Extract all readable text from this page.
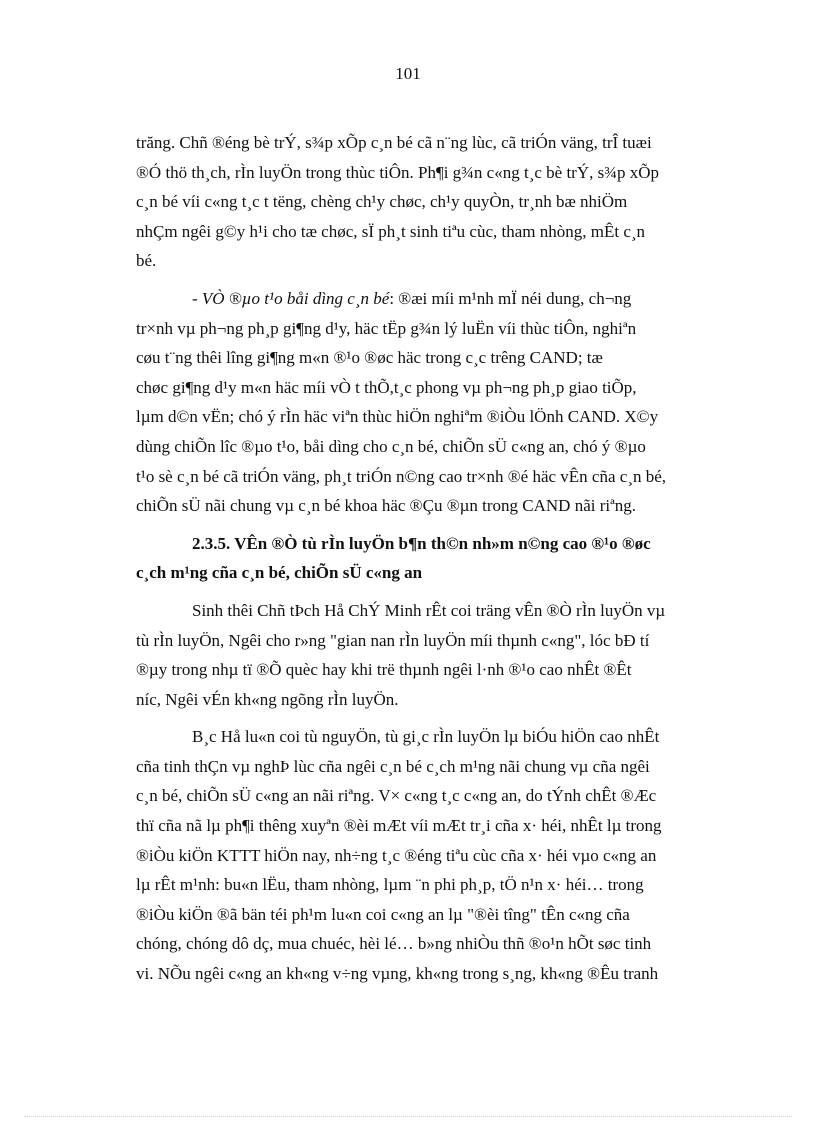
101

trăng. Chñ ®éng bè trÝ, s¾p xÕp c¸n bé cã n¨ng lùc, cã triÓn väng, trÎ tuæi
®Ó thö th¸ch, rÌn luyÖn trong thùc tiÔn. Ph¶i g¾n c«ng t¸c bè trÝ, s¾p xÕp
c¸n bé víi c«ng t¸c t tëng, chèng ch¹y chøc, ch¹y quyÒn, tr¸nh bæ nhiÖm
nhÇm ngêi g©y h¹i cho tæ chøc, sÏ ph¸t sinh tiªu cùc, tham nhòng, mÊt c¸n
bé.

- VÒ ®µo t¹o båi dìng c¸n bé: ®æi míi m¹nh mÏ néi dung, ch¬ng
tr×nh vµ ph¬ng ph¸p gi¶ng d¹y, häc tËp g¾n lý luËn víi thùc tiÔn, nghiªn
cøu t¨ng thêi lîng gi¶ng m«n ®¹o ®øc häc trong c¸c trêng CAND; tæ
chøc gi¶ng d¹y m«n häc míi vÒ t thÕ,t¸c phong vµ ph¬ng ph¸p giao tiÕp,
lµm d©n vËn; chó ý rÌn häc viªn thùc hiÖn nghiªm ®iÒu lÖnh CAND. X©y
dùng chiÕn lîc ®µo t¹o, båi dìng cho c¸n bé, chiÕn sÜ c«ng an, chó ý ®µo
t¹o sè c¸n bé cã triÓn väng, ph¸t triÓn n©ng cao tr×nh ®é häc vÊn cña c¸n bé,
chiÕn sÜ nãi chung vµ c¸n bé khoa häc ®Çu ®µn trong CAND nãi riªng.

2.3.5. VÊn ®Ò tù rÌn luyÖn b¶n th©n nh»m n©ng cao ®¹o ®øc
c¸ch m¹ng cña c¸n bé, chiÕn sÜ c«ng an

Sinh thêi Chñ tÞch Hå ChÝ Minh rÊt coi träng vÊn ®Ò rÌn luyÖn vµ
tù rÌn luyÖn, Ngêi cho r»ng "gian nan rÌn luyÖn míi thµnh c«ng", lóc bÐ tí
®µy trong nhµ tï ®Õ quèc hay khi trë thµnh ngêi l·nh ®¹o cao nhÊt ®Êt
níc, Ngêi vÉn kh«ng ngõng rÌn luyÖn.

B¸c Hå lu«n coi tù nguyÖn, tù gi¸c rÌn luyÖn lµ biÓu hiÖn cao nhÊt
cña tinh thÇn vµ nghÞ lùc cña ngêi c¸n bé c¸ch m¹ng nãi chung vµ cña ngêi
c¸n bé, chiÕn sÜ c«ng an nãi riªng. V× c«ng t¸c c«ng an, do tÝnh chÊt ®Æc
thï cña nã lµ ph¶i thêng xuyªn ®èi mÆt víi mÆt tr¸i cña x· héi, nhÊt lµ trong
®iÒu kiÖn KTTT hiÖn nay, nh÷ng t¸c ®éng tiªu cùc cña x· héi vµo c«ng an
lµ rÊt m¹nh: bu«n lËu, tham nhòng, lµm ¨n phi ph¸p, tÖ n¹n x· héi… trong
®iÒu kiÖn ®ã bän téi ph¹m lu«n coi c«ng an lµ "®èi tîng" tÊn c«ng cña
chóng, chóng dô dç, mua chuéc, hèi lé… b»ng nhiÒu thñ ®o¹n hÕt søc tinh
vi. NÕu ngêi c«ng an kh«ng v÷ng vµng, kh«ng trong s¸ng, kh«ng ®Êu tranh
